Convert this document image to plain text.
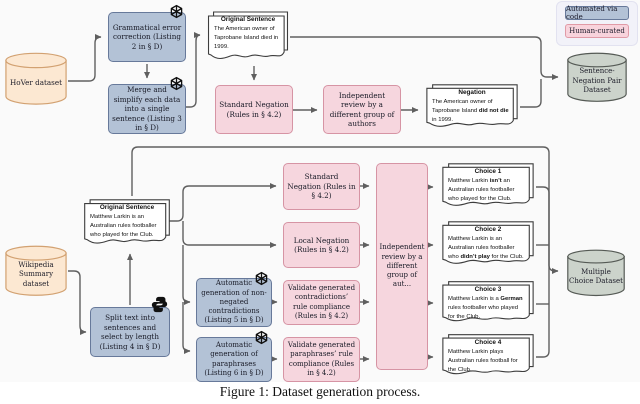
Automated via code
Human-curated
HoVer dataset
Sentence-Negation Pair Dataset
Wikipedia Summary dataset
Multiple Choice Dataset
Grammatical error correction (Listing 2 in § D)
Merge and simplify each data into a single sentence (Listing 3 in § D)
Standard Negation (Rules in § 4.2)
Independent review by a different group of authors
Original Sentence
The American owner of Taprobane Island died in 1999.
Negation
The American owner of Taprobane Island did not die in 1999.
Original Sentence
Matthew Larkin is an Australian rules footballer who played for the Club.
Split text into sentences and select by length (Listing 4 in § D)
Standard Negation (Rules in § 4.2)
Local Negation (Rules in § 4.2)
Automatic generation of non-negated contradictions (Listing 5 in § D)
Validate generated contradictions’ rule compliance (Rules in § 4.2)
Automatic generation of paraphrases (Listing 6 in § D)
Validate generated paraphrases’ rule compliance (Rules in § 4.2)
Independent review by a different group of aut...
Choice 1
Matthew Larkin isn’t an Australian rules footballer who played for the Club.
Choice 2
Matthew Larkin is an Australian rules footballer who didn’t play for the Club.
Choice 3
Matthew Larkin is a German rules footballer who played for the Club.
Choice 4
Matthew Larkin plays Australian rules football for the Club.
Figure 1: Dataset generation process.
